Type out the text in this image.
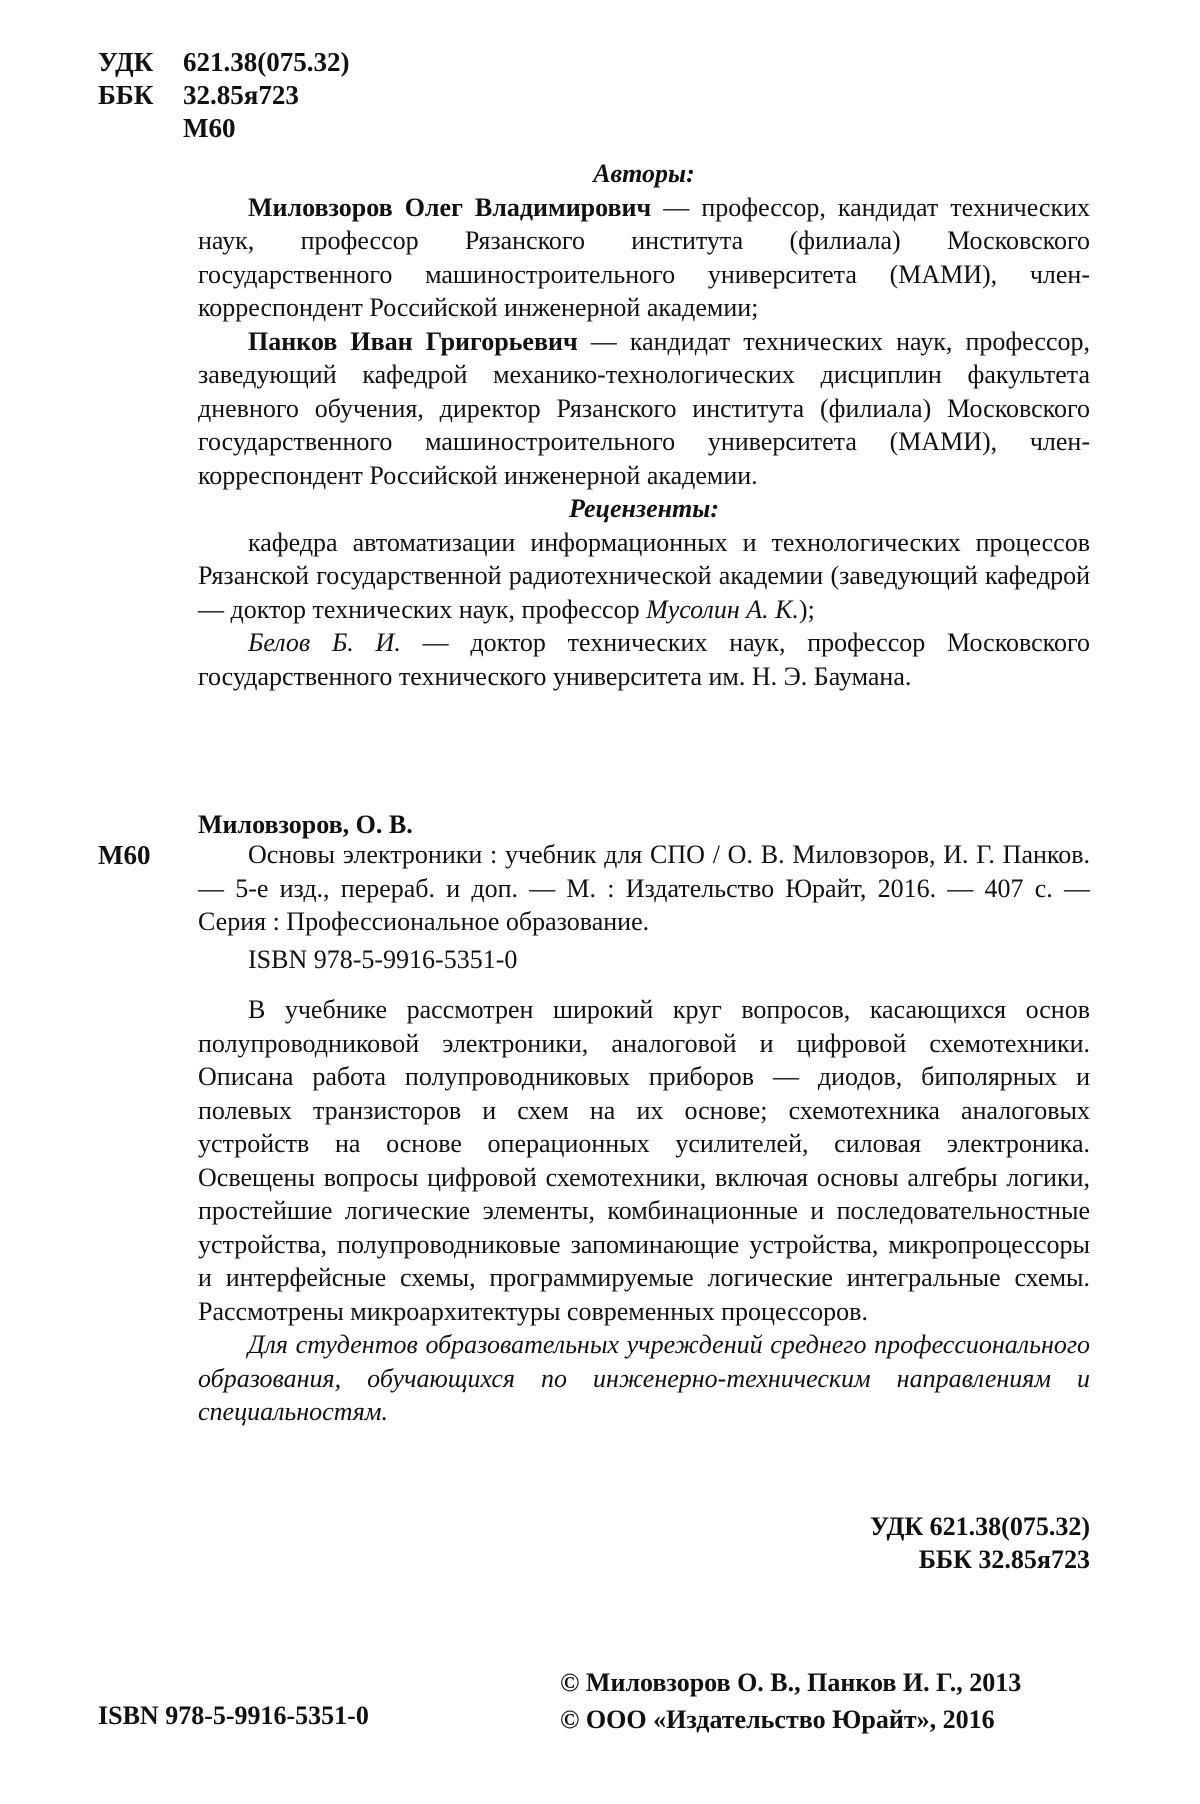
УДК 621.38(075.32)
ББК 32.85я723
М60

Авторы:

Миловзоров Олег Владимирович — профессор, кандидат технических наук, профессор Рязанского института (филиала) Московского государственного машиностроительного университета (МАМИ), член-корреспондент Российской инженерной академии;

Панков Иван Григорьевич — кандидат технических наук, профессор, заведующий кафедрой механико-технологических дисциплин факультета дневного обучения, директор Рязанского института (филиала) Московского государственного машиностроительного университета (МАМИ), член-корреспондент Российской инженерной академии.

Рецензенты:

кафедра автоматизации информационных и технологических процессов Рязанской государственной радиотехнической академии (заведующий кафедрой — доктор технических наук, профессор Мусолин А. К.);

Белов Б. И. — доктор технических наук, профессор Московского государственного технического университета им. Н. Э. Баумана.

Миловзоров, О. В.
М60	Основы электроники : учебник для СПО / О. В. Миловзоров, И. Г. Панков. — 5-е изд., перераб. и доп. — М. : Издательство Юрайт, 2016. — 407 с. — Серия : Профессиональное образование.

ISBN 978-5-9916-5351-0

В учебнике рассмотрен широкий круг вопросов, касающихся основ полупроводниковой электроники, аналоговой и цифровой схемотехники. Описана работа полупроводниковых приборов — диодов, биполярных и полевых транзисторов и схем на их основе; схемотехника аналоговых устройств на основе операционных усилителей, силовая электроника. Освещены вопросы цифровой схемотехники, включая основы алгебры логики, простейшие логические элементы, комбинационные и последовательностные устройства, полупроводниковые запоминающие устройства, микропроцессоры и интерфейсные схемы, программируемые логические интегральные схемы. Рассмотрены микроархитектуры современных процессоров.

Для студентов образовательных учреждений среднего профессионального образования, обучающихся по инженерно-техническим направлениям и специальностям.

УДК 621.38(075.32)
ББК 32.85я723
© Миловзоров О. В., Панков И. Г., 2013
© ООО «Издательство Юрайт», 2016
ISBN 978-5-9916-5351-0
